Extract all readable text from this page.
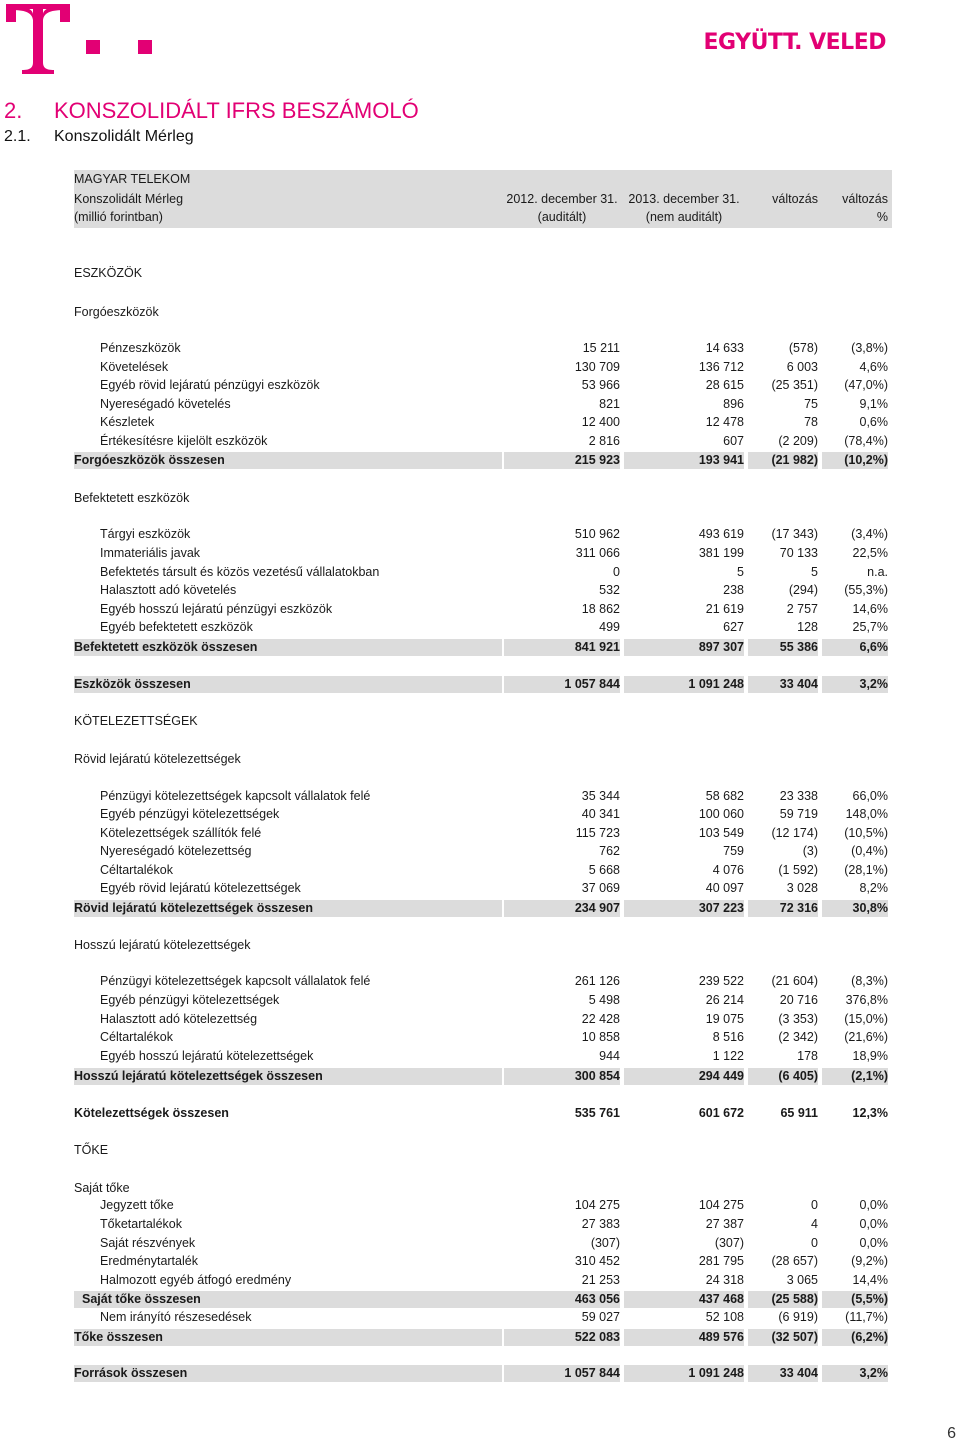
EGYÜTT. VELED
2. KONSZOLIDÁLT IFRS BESZÁMOLÓ
2.1. Konszolidált Mérleg
MAGYAR TELEKOM
Konszolidált Mérleg	2012. december 31. 2013. december 31.	változás	változás
(millió forintban)	(auditált)	(nem auditált)	%
ESZKÖZÖK
Forgóeszközök
Pénzeszközök	15 211	14 633	(578)	(3,8%)
Követelések	130 709	136 712	6 003	4,6%
Egyéb rövid lejáratú pénzügyi eszközök	53 966	28 615	(25 351)	(47,0%)
Nyereségadó követelés	821	896	75	9,1%
Készletek	12 400	12 478	78	0,6%
Értékesítésre kijelölt eszközök	2 816	607	(2 209)	(78,4%)
Forgóeszközök összesen	215 923	193 941	(21 982)	(10,2%)
Befektetett eszközök
Tárgyi eszközök	510 962	493 619	(17 343)	(3,4%)
Immateriális javak	311 066	381 199	70 133	22,5%
Befektetés társult és közös vezetésű vállalatokban	0	5	5	n.a.
Halasztott adó követelés	532	238	(294)	(55,3%)
Egyéb hosszú lejáratú pénzügyi eszközök	18 862	21 619	2 757	14,6%
Egyéb befektetett eszközök	499	627	128	25,7%
Befektetett eszközök összesen	841 921	897 307	55 386	6,6%
Eszközök összesen	1 057 844	1 091 248	33 404	3,2%
KÖTELEZETTSÉGEK
Rövid lejáratú kötelezettségek
Pénzügyi kötelezettségek kapcsolt vállalatok felé	35 344	58 682	23 338	66,0%
Egyéb pénzügyi kötelezettségek	40 341	100 060	59 719	148,0%
Kötelezettségek szállítók felé	115 723	103 549	(12 174)	(10,5%)
Nyereségadó kötelezettség	762	759	(3)	(0,4%)
Céltartalékok	5 668	4 076	(1 592)	(28,1%)
Egyéb rövid lejáratú kötelezettségek	37 069	40 097	3 028	8,2%
Rövid lejáratú kötelezettségek összesen	234 907	307 223	72 316	30,8%
Hosszú lejáratú kötelezettségek
Pénzügyi kötelezettségek kapcsolt vállalatok felé	261 126	239 522	(21 604)	(8,3%)
Egyéb pénzügyi kötelezettségek	5 498	26 214	20 716	376,8%
Halasztott adó kötelezettség	22 428	19 075	(3 353)	(15,0%)
Céltartalékok	10 858	8 516	(2 342)	(21,6%)
Egyéb hosszú lejáratú kötelezettségek	944	1 122	178	18,9%
Hosszú lejáratú kötelezettségek összesen	300 854	294 449	(6 405)	(2,1%)
Kötelezettségek összesen	535 761	601 672	65 911	12,3%
TŐKE
Saját tőke
Jegyzett tőke	104 275	104 275	0	0,0%
Tőketartalékok	27 383	27 387	4	0,0%
Saját részvények	(307)	(307)	0	0,0%
Eredménytartalék	310 452	281 795	(28 657)	(9,2%)
Halmozott egyéb átfogó eredmény	21 253	24 318	3 065	14,4%
Saját tőke összesen	463 056	437 468	(25 588)	(5,5%)
Nem irányító részesedések	59 027	52 108	(6 919)	(11,7%)
Tőke összesen	522 083	489 576	(32 507)	(6,2%)
Források összesen	1 057 844	1 091 248	33 404	3,2%
6
